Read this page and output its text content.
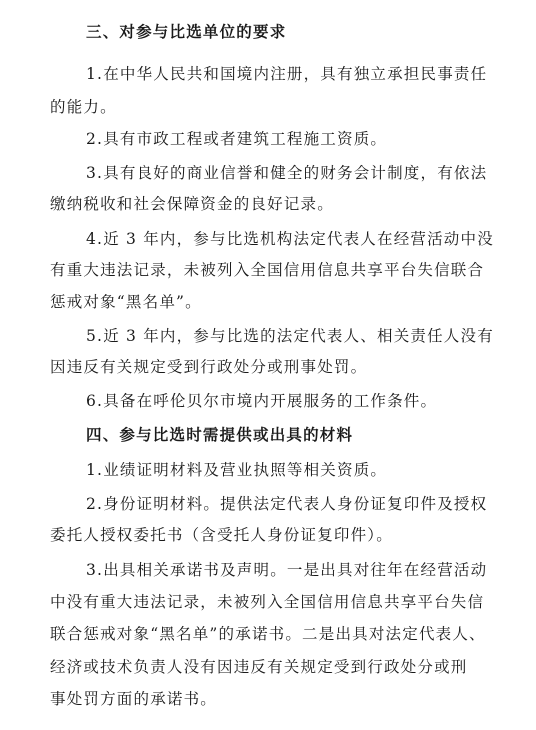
三、对参与比选单位的要求

1.在中华人民共和国境内注册，具有独立承担民事责任

的能力。

2.具有市政工程或者建筑工程施工资质。

3.具有良好的商业信誉和健全的财务会计制度，有依法

缴纳税收和社会保障资金的良好记录。

4.近 3 年内，参与比选机构法定代表人在经营活动中没

有重大违法记录，未被列入全国信用信息共享平台失信联合

惩戒对象“黑名单”。

5.近 3 年内，参与比选的法定代表人、相关责任人没有

因违反有关规定受到行政处分或刑事处罚。

6.具备在呼伦贝尔市境内开展服务的工作条件。

四、参与比选时需提供或出具的材料

1.业绩证明材料及营业执照等相关资质。

2.身份证明材料。提供法定代表人身份证复印件及授权

委托人授权委托书（含受托人身份证复印件）。

3.出具相关承诺书及声明。一是出具对往年在经营活动

中没有重大违法记录，未被列入全国信用信息共享平台失信

联合惩戒对象“黑名单”的承诺书。二是出具对法定代表人、

经济或技术负责人没有因违反有关规定受到行政处分或刑

事处罚方面的承诺书。
